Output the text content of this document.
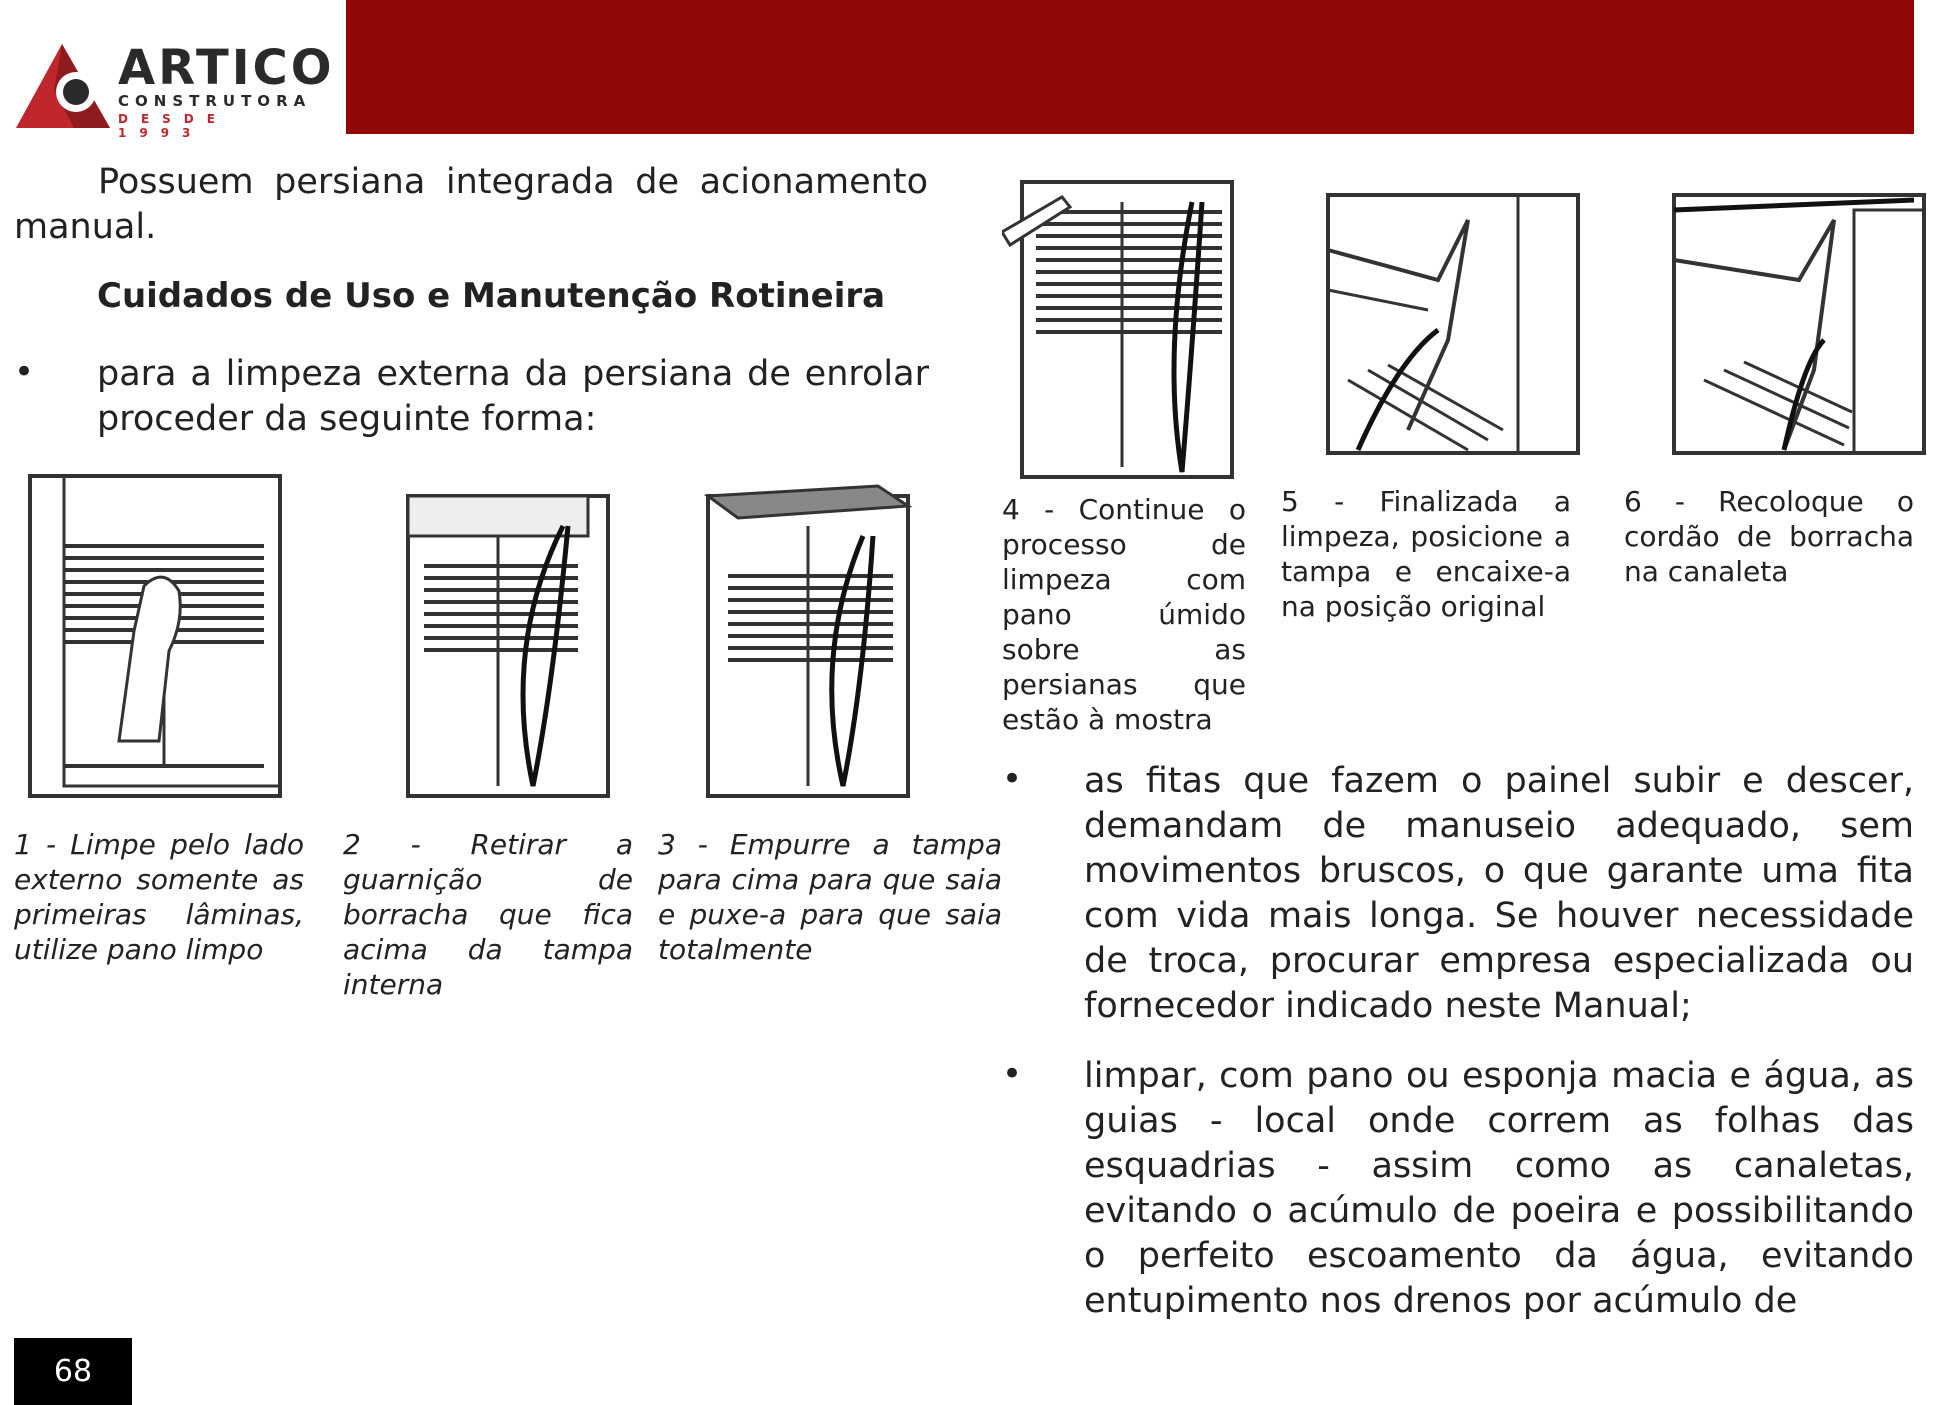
ARTICO
CONSTRUTORA
DESDE 1993
Possuem persiana integrada de acionamento manual.
Cuidados de Uso e Manutenção Rotineira
• para a limpeza externa da persiana de enrolar proceder da seguinte forma:
1 - Limpe pelo lado externo somente as primeiras lâminas, utilize pano limpo
2 - Retirar a guarnição de borracha que fica acima da tampa interna
3 - Empurre a tampa para cima para que saia e puxe-a para que saia totalmente
4 - Continue o processo de limpeza com pano úmido sobre as persianas que estão à mostra
5 - Finalizada a limpeza, posicione a tampa e encaixe-a na posição original
6 - Recoloque o cordão de borracha na canaleta
• as fitas que fazem o painel subir e descer, demandam de manuseio adequado, sem movimentos bruscos, o que garante uma fita com vida mais longa. Se houver necessidade de troca, procurar empresa especializada ou fornecedor indicado neste Manual;
• limpar, com pano ou esponja macia e água, as guias - local onde correm as folhas das esquadrias - assim como as canaletas, evitando o acúmulo de poeira e possibilitando o perfeito escoamento da água, evitando entupimento nos drenos por acúmulo de
68
